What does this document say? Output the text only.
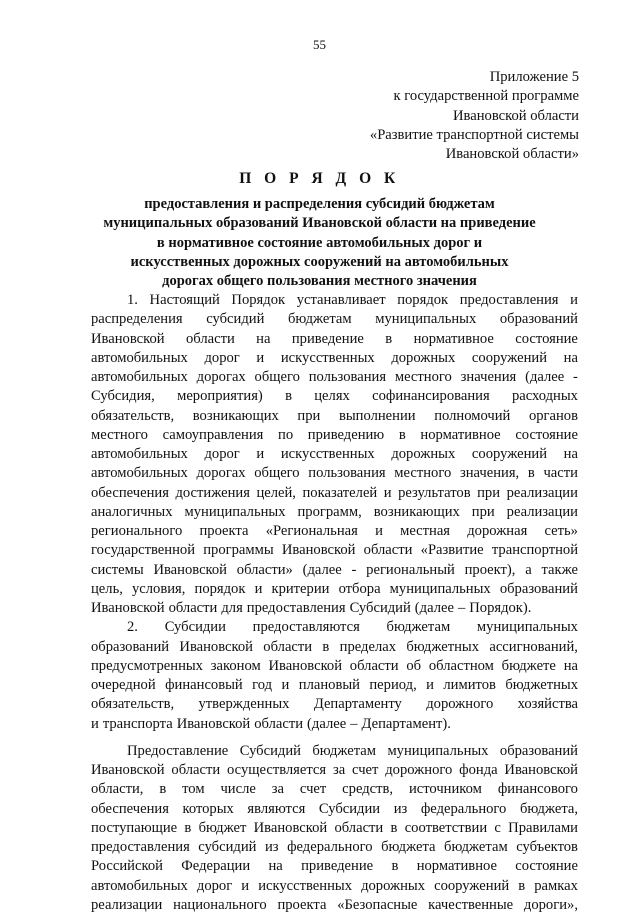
55
Приложение 5
к государственной программе
Ивановской области
«Развитие транспортной системы
Ивановской области»
П О Р Я Д О К
предоставления и распределения субсидий бюджетам
муниципальных образований Ивановской области на приведение
в нормативное состояние автомобильных дорог и
искусственных дорожных сооружений на автомобильных
дорогах общего пользования местного значения
1. Настоящий Порядок устанавливает порядок предоставления и
распределения субсидий бюджетам муниципальных образований
Ивановской области на приведение в нормативное состояние
автомобильных дорог и искусственных дорожных сооружений на
автомобильных дорогах общего пользования местного значения (далее -
Субсидия, мероприятия) в целях софинансирования расходных
обязательств, возникающих при выполнении полномочий органов
местного самоуправления по приведению в нормативное состояние
автомобильных дорог и искусственных дорожных сооружений на
автомобильных дорогах общего пользования местного значения, в части
обеспечения достижения целей, показателей и результатов при реализации
аналогичных муниципальных программ, возникающих при реализации
регионального проекта «Региональная и местная дорожная сеть»
государственной программы Ивановской области «Развитие транспортной
системы Ивановской области» (далее - региональный проект), а также
цель, условия, порядок и критерии отбора муниципальных образований
Ивановской области для предоставления Субсидий (далее – Порядок).
2. Субсидии предоставляются бюджетам муниципальных
образований Ивановской области в пределах бюджетных ассигнований,
предусмотренных законом Ивановской области об областном бюджете на
очередной финансовый год и плановый период, и лимитов бюджетных
обязательств, утвержденных Департаменту дорожного хозяйства
и транспорта Ивановской области (далее – Департамент).
Предоставление Субсидий бюджетам муниципальных образований
Ивановской области осуществляется за счет дорожного фонда Ивановской
области, в том числе за счет средств, источником финансового
обеспечения которых являются Субсидии из федерального бюджета,
поступающие в бюджет Ивановской области в соответствии с Правилами
предоставления субсидий из федерального бюджета бюджетам субъектов
Российской Федерации на приведение в нормативное состояние
автомобильных дорог и искусственных дорожных сооружений в рамках
реализации национального проекта «Безопасные качественные дороги»,
